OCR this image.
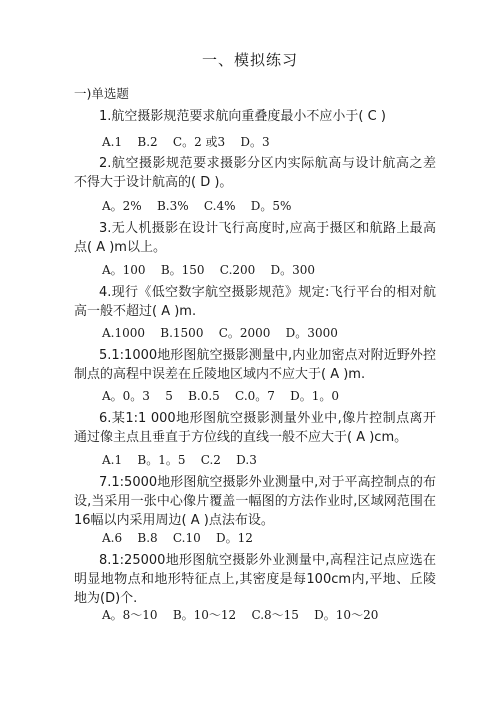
一、模拟练习
一)单选题
1.航空摄影规范要求航向重叠度最小不应小于( C )
A.1    B.2    C。2 或3    D。3
2.航空摄影规范要求摄影分区内实际航高与设计航高之差不得大于设计航高的( D )。
A。2%    B.3%    C.4%    D。5%
3.无人机摄影在设计飞行高度时,应高于摄区和航路上最高点( A )m以上。
A。100    B。150    C.200    D。300
4.现行《低空数字航空摄影规范》规定:飞行平台的相对航高一般不超过( A )m.
A.1000    B.1500    C。2000    D。3000
5.1:1000地形图航空摄影测量中,内业加密点对附近野外控制点的高程中误差在丘陵地区域内不应大于( A )m.
A。0。3    5    B.0.5    C.0。7    D。1。0
6.某1:1 000地形图航空摄影测量外业中,像片控制点离开通过像主点且垂直于方位线的直线一般不应大于( A )cm。
A.1    B。1。5    C.2    D.3
7.1:5000地形图航空摄影外业测量中,对于平高控制点的布设,当采用一张中心像片覆盖一幅图的方法作业时,区域网范围在16幅以内采用周边( A )点法布设。
A.6    B.8    C.10    D。12
8.1:25000地形图航空摄影外业测量中,高程注记点应选在明显地物点和地形特征点上,其密度是每100cm内,平地、丘陵地为(D)个.
A。8～10    B。10～12    C.8～15    D。10～20
